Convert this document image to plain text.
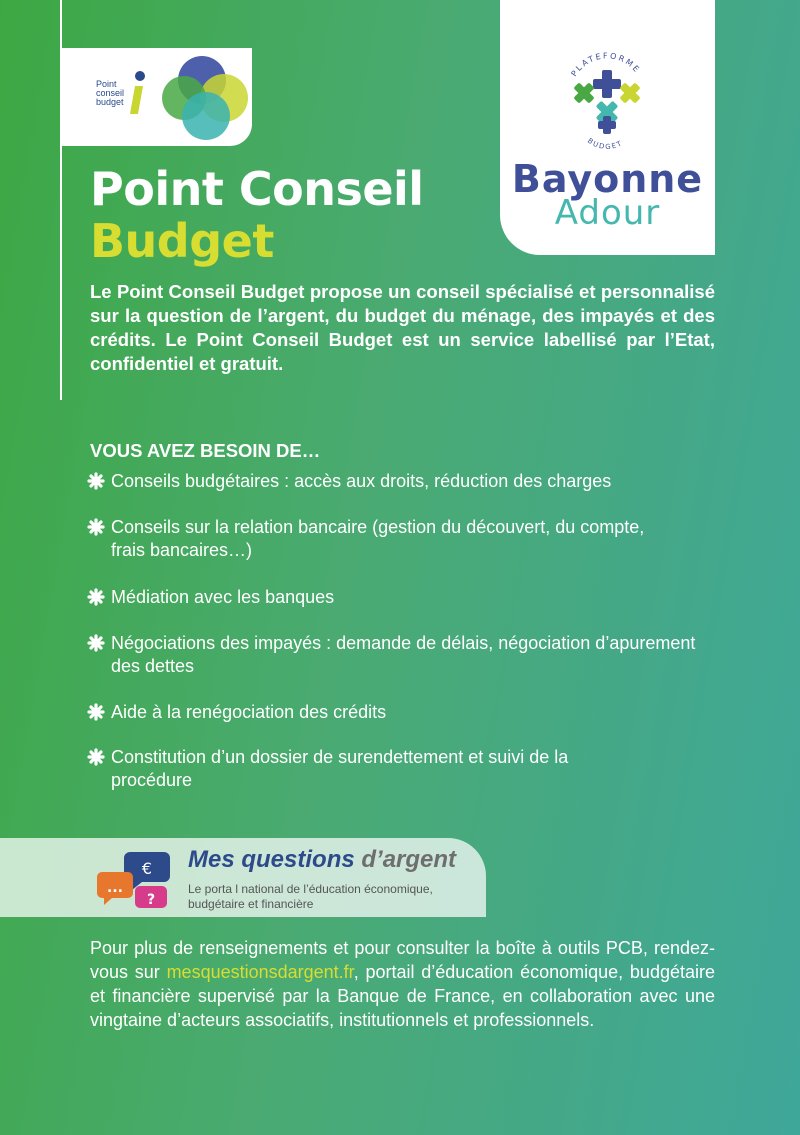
Point
conseil
budget
PLATEFORME
BUDGET
Bayonne
Adour
Point Conseil
Budget
Le Point Conseil Budget propose un conseil spécialisé et personnalisé sur la question de l’argent, du budget du ménage, des impayés et des crédits. Le Point Conseil Budget est un service labellisé par l’Etat, confidentiel et gratuit.
VOUS AVEZ BESOIN DE…
Conseils budgétaires : accès aux droits, réduction des charges
Conseils sur la relation bancaire (gestion du découvert, du compte, frais bancaires…)
Médiation avec les banques
Négociations des impayés : demande de délais, négociation d’apurement des dettes
Aide à la renégociation des crédits
Constitution d’un dossier de surendettement et suivi de la procédure
€
...
?
Mes questions d’argent
Le porta l national de l’éducation économique, budgétaire et financière
Pour plus de renseignements et pour consulter la boîte à outils PCB, rendez-vous sur mesquestionsdargent.fr, portail d’éducation économique, budgétaire et financière supervisé par la Banque de France, en collaboration avec une vingtaine d’acteurs associatifs, institutionnels et professionnels.
